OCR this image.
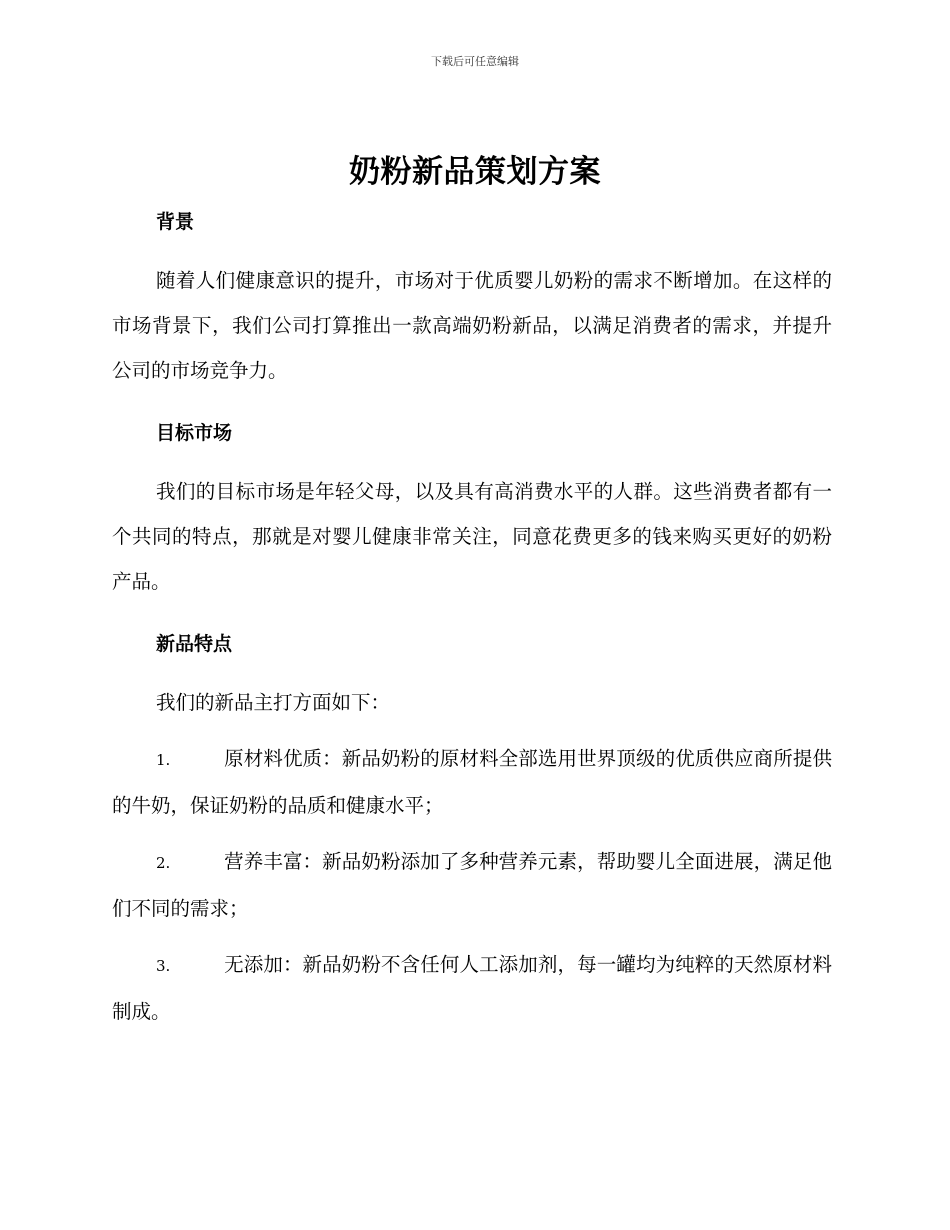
下载后可任意编辑
奶粉新品策划方案

背景

随着人们健康意识的提升，市场对于优质婴儿奶粉的需求不断增加。在这样的市场背景下，我们公司打算推出一款高端奶粉新品，以满足消费者的需求，并提升公司的市场竞争力。

目标市场

我们的目标市场是年轻父母，以及具有高消费水平的人群。这些消费者都有一个共同的特点，那就是对婴儿健康非常关注，同意花费更多的钱来购买更好的奶粉产品。

新品特点

我们的新品主打方面如下：

1.	原材料优质：新品奶粉的原材料全部选用世界顶级的优质供应商所提供的牛奶，保证奶粉的品质和健康水平；

2.	营养丰富：新品奶粉添加了多种营养元素，帮助婴儿全面进展，满足他们不同的需求；

3.	无添加：新品奶粉不含任何人工添加剂，每一罐均为纯粹的天然原材料制成。
